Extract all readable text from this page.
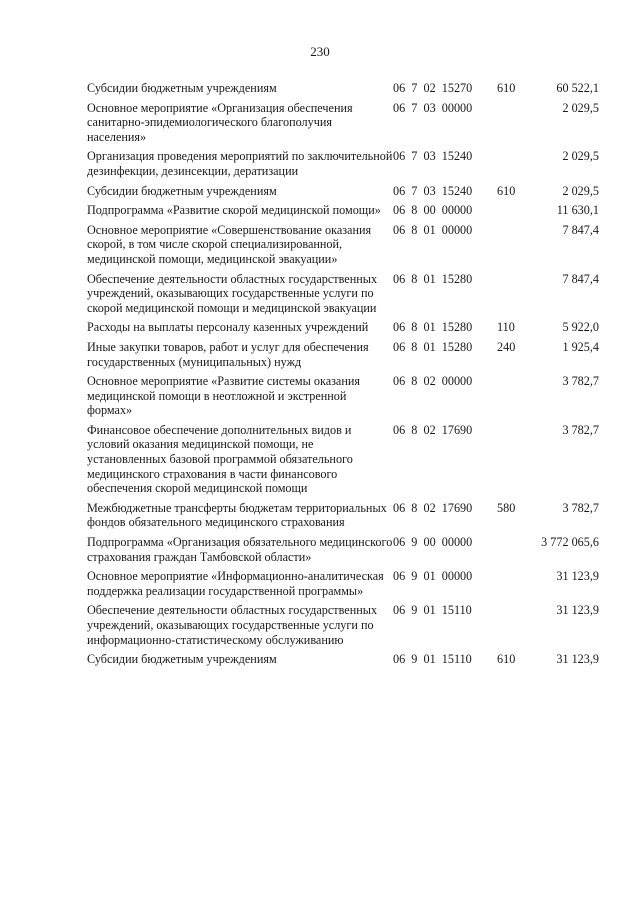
230
Субсидии бюджетным учреждениям	06  7  02  15270	610	60 522,1

Основное мероприятие «Организация обеспечения санитарно-эпидемиологического благополучия населения»	06  7  03  00000		2 029,5

Организация проведения мероприятий по заключительной дезинфекции, дезинсекции, дератизации	06  7  03  15240		2 029,5

Субсидии бюджетным учреждениям	06  7  03  15240	610	2 029,5

Подпрограмма «Развитие скорой медицинской помощи»	06  8  00  00000		11 630,1

Основное мероприятие «Совершенствование оказания скорой, в том числе скорой специализированной, медицинской помощи, медицинской эвакуации»	06  8  01  00000		7 847,4

Обеспечение деятельности областных государственных учреждений, оказывающих государственные услуги по скорой медицинской помощи и медицинской эвакуации	06  8  01  15280		7 847,4

Расходы на выплаты персоналу казенных учреждений	06  8  01  15280	110	5 922,0

Иные закупки товаров, работ и услуг для обеспечения государственных (муниципальных) нужд	06  8  01  15280	240	1 925,4

Основное мероприятие «Развитие системы оказания медицинской помощи в неотложной и экстренной формах»	06  8  02  00000		3 782,7

Финансовое обеспечение дополнительных видов и условий оказания медицинской помощи, не установленных базовой программой обязательного медицинского страхования в части финансового обеспечения скорой медицинской помощи	06  8  02  17690		3 782,7

Межбюджетные трансферты бюджетам территориальных фондов обязательного медицинского страхования	06  8  02  17690	580	3 782,7

Подпрограмма «Организация обязательного медицинского страхования граждан Тамбовской области»	06  9  00  00000		3 772 065,6

Основное мероприятие «Информационно-аналитическая поддержка реализации государственной программы»	06  9  01  00000		31 123,9

Обеспечение деятельности областных государственных учреждений, оказывающих государственные услуги по информационно-статистическому обслуживанию	06  9  01  15110		31 123,9

Субсидии бюджетным учреждениям	06  9  01  15110	610	31 123,9
